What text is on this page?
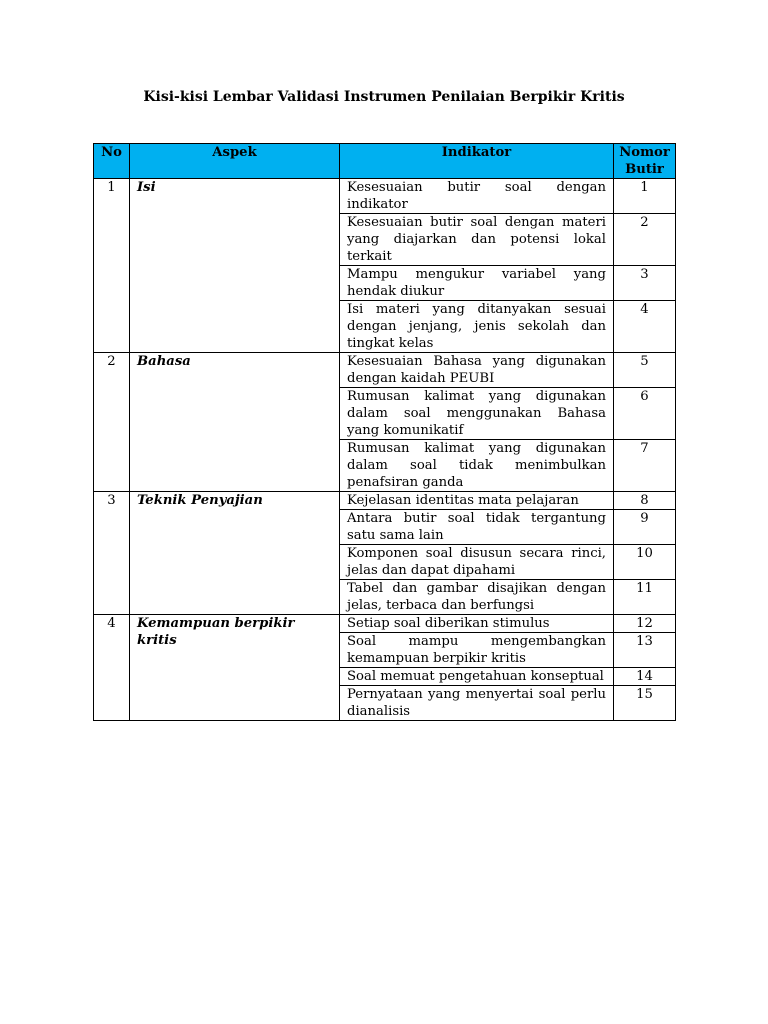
Kisi-kisi Lembar Validasi Instrumen Penilaian Berpikir Kritis
No	Aspek	Indikator	Nomor
Butir
1	Isi	Kesesuaian butir soal dengan indikator	1
		Kesesuaian butir soal dengan materi yang diajarkan dan potensi lokal terkait	2
		Mampu mengukur variabel yang hendak diukur	3
		Isi materi yang ditanyakan sesuai dengan jenjang, jenis sekolah dan tingkat kelas	4
2	Bahasa	Kesesuaian Bahasa yang digunakan dengan kaidah PEUBI	5
		Rumusan kalimat yang digunakan dalam soal menggunakan Bahasa yang komunikatif	6
		Rumusan kalimat yang digunakan dalam soal tidak menimbulkan penafsiran ganda	7
3	Teknik Penyajian	Kejelasan identitas mata pelajaran	8
		Antara butir soal tidak tergantung satu sama lain	9
		Komponen soal disusun secara rinci, jelas dan dapat dipahami	10
		Tabel dan gambar disajikan dengan jelas, terbaca dan berfungsi	11
4	Kemampuan berpikir kritis	Setiap soal diberikan stimulus	12
		Soal mampu mengembangkan kemampuan berpikir kritis	13
		Soal memuat pengetahuan konseptual	14
		Pernyataan yang menyertai soal perlu dianalisis	15
